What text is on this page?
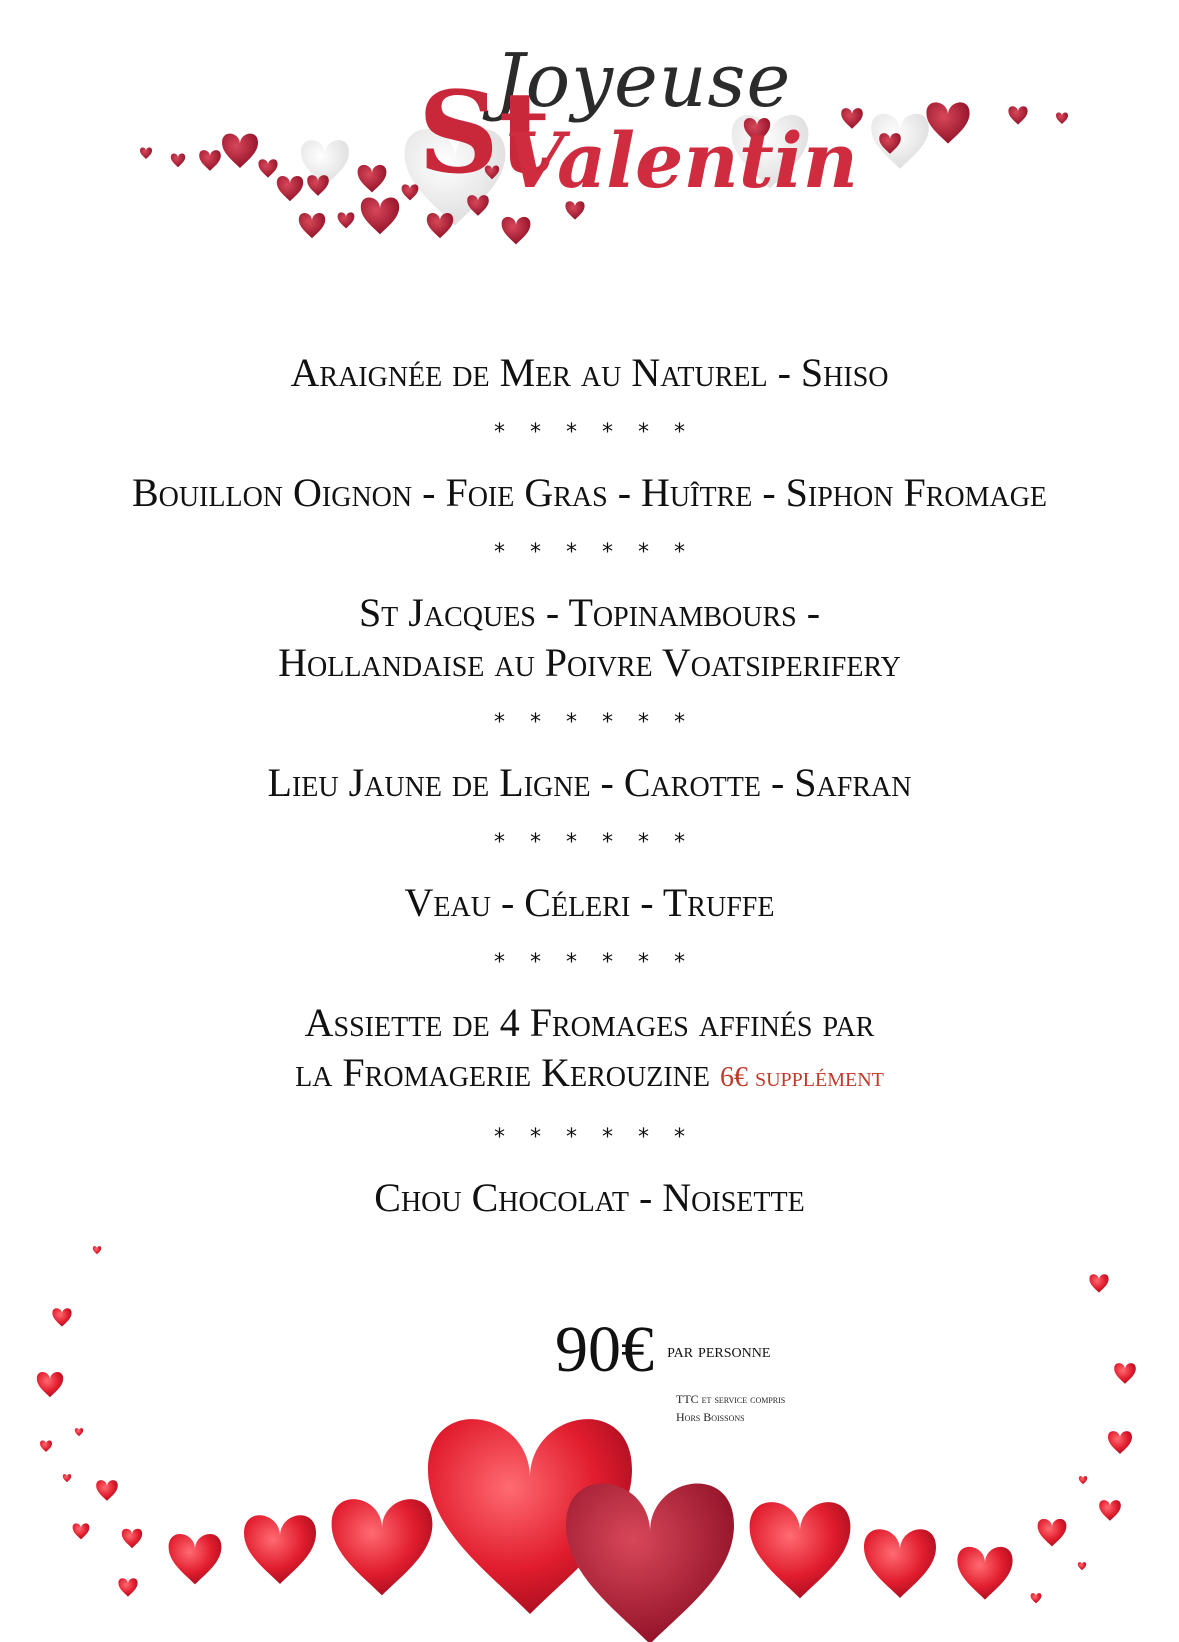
Joyeuse
St
Valentin

Araignée de Mer au Naturel - Shiso

* * * * * *

Bouillon Oignon - Foie Gras - Huître - Siphon Fromage

* * * * * *

St Jacques - Topinambours -

Hollandaise au Poivre Voatsiperifery

* * * * * *

Lieu Jaune de Ligne - Carotte - Safran

* * * * * *

Veau - Céleri - Truffe

* * * * * *

Assiette de 4 Fromages affinés par

la Fromagerie Kerouzine 6€ supplément

* * * * * *

Chou Chocolat - Noisette

90€ par personne
TTC et service compris
Hors Boissons
